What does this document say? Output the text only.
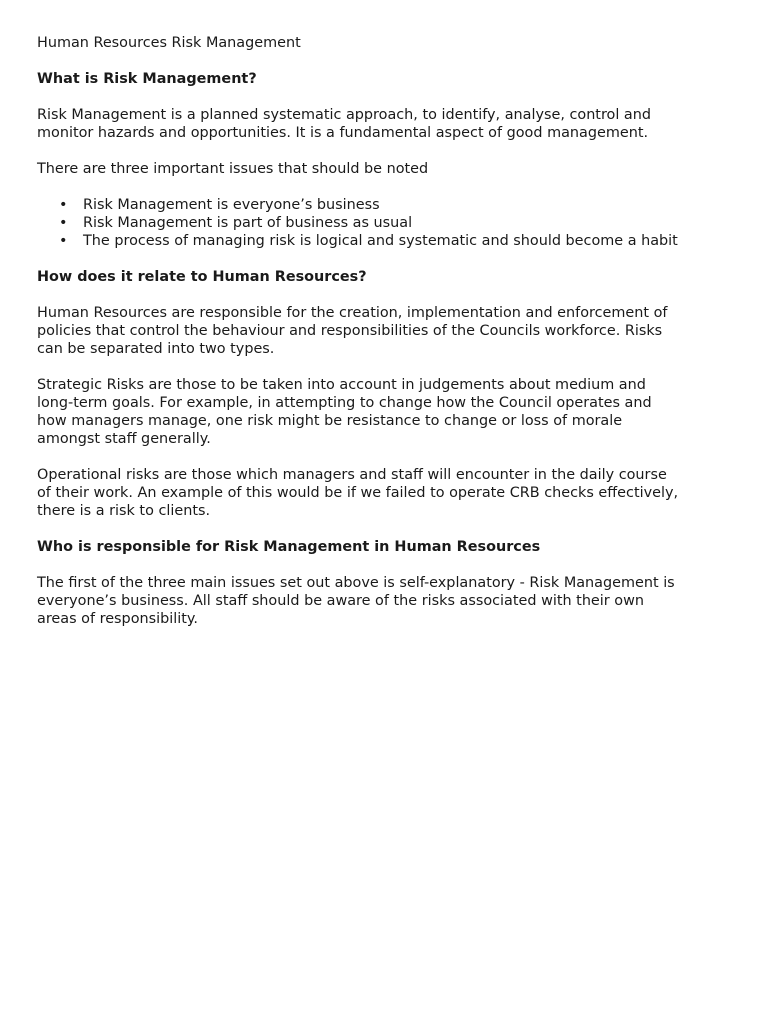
Human Resources Risk Management
What is Risk Management?
Risk Management is a planned systematic approach, to identify, analyse, control and
monitor hazards and opportunities. It is a fundamental aspect of good management.
There are three important issues that should be noted
• Risk Management is everyone’s business
• Risk Management is part of business as usual
• The process of managing risk is logical and systematic and should become a habit
How does it relate to Human Resources?
Human Resources are responsible for the creation, implementation and enforcement of
policies that control the behaviour and responsibilities of the Councils workforce. Risks
can be separated into two types.
Strategic Risks are those to be taken into account in judgements about medium and
long-term goals. For example, in attempting to change how the Council operates and
how managers manage, one risk might be resistance to change or loss of morale
amongst staff generally.
Operational risks are those which managers and staff will encounter in the daily course
of their work. An example of this would be if we failed to operate CRB checks effectively,
there is a risk to clients.
Who is responsible for Risk Management in Human Resources
The first of the three main issues set out above is self-explanatory - Risk Management is
everyone’s business. All staff should be aware of the risks associated with their own
areas of responsibility.
